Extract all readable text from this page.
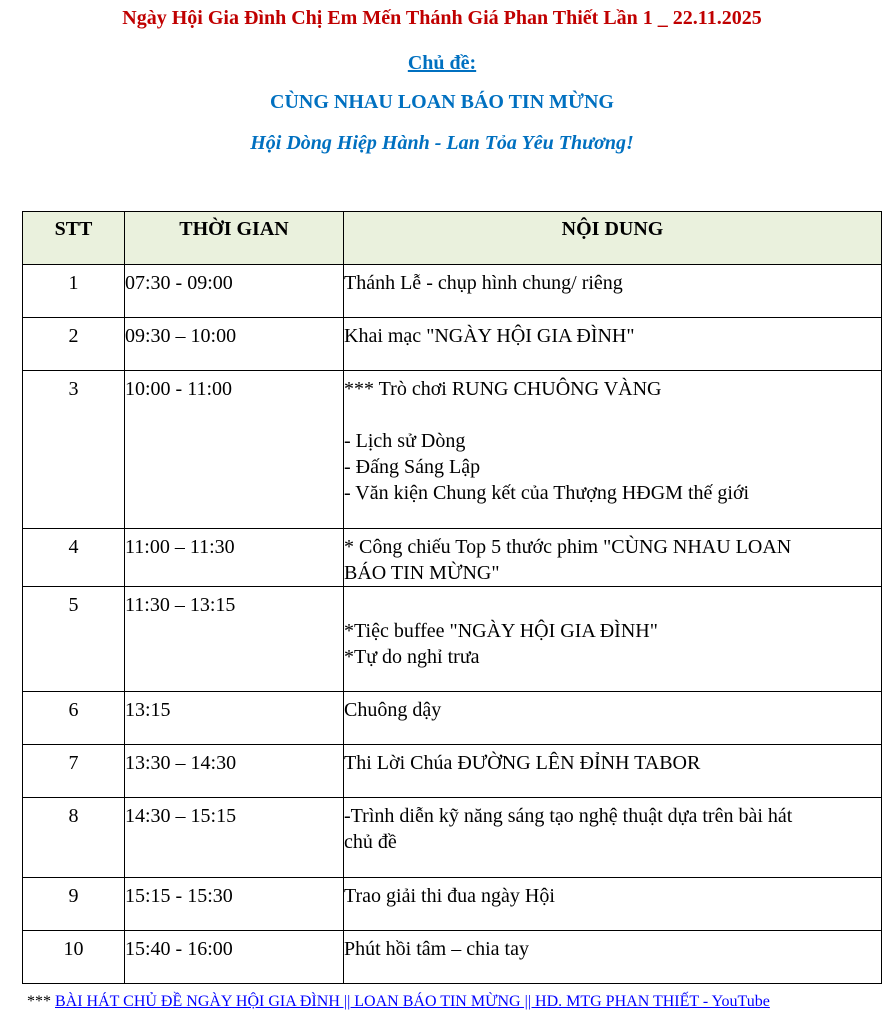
Ngày Hội Gia Đình Chị Em Mến Thánh Giá Phan Thiết Lần 1 _ 22.11.2025
Chủ đề:
CÙNG NHAU LOAN BÁO TIN MỪNG
Hội Dòng Hiệp Hành - Lan Tỏa Yêu Thương!
STT	THỜI GIAN	NỘI DUNG
1	07:30 - 09:00	Thánh Lễ - chụp hình chung/ riêng

2	09:30 – 10:00	Khai mạc "NGÀY HỘI GIA ĐÌNH"

3	10:00 - 11:00	*** Trò chơi RUNG CHUÔNG VÀNG
- Lịch sử Dòng
- Đấng Sáng Lập
- Văn kiện Chung kết của Thượng HĐGM thế giới

4	11:00 – 11:30	* Công chiếu Top 5 thước phim "CÙNG NHAU LOAN
BÁO TIN MỪNG"

5	11:30 – 13:15	*Tiệc buffee "NGÀY HỘI GIA ĐÌNH"
*Tự do nghỉ trưa

6	13:15	Chuông dậy

7	13:30 – 14:30	Thi Lời Chúa ĐƯỜNG LÊN ĐỈNH TABOR

8	14:30 – 15:15	-Trình diễn kỹ năng sáng tạo nghệ thuật dựa trên bài hát
chủ đề

9	15:15 - 15:30	Trao giải thi đua ngày Hội

10	15:40 - 16:00	Phút hồi tâm – chia tay
*** BÀI HÁT CHỦ ĐỀ NGÀY HỘI GIA ĐÌNH || LOAN BÁO TIN MỪNG || HD. MTG PHAN THIẾT - YouTube
